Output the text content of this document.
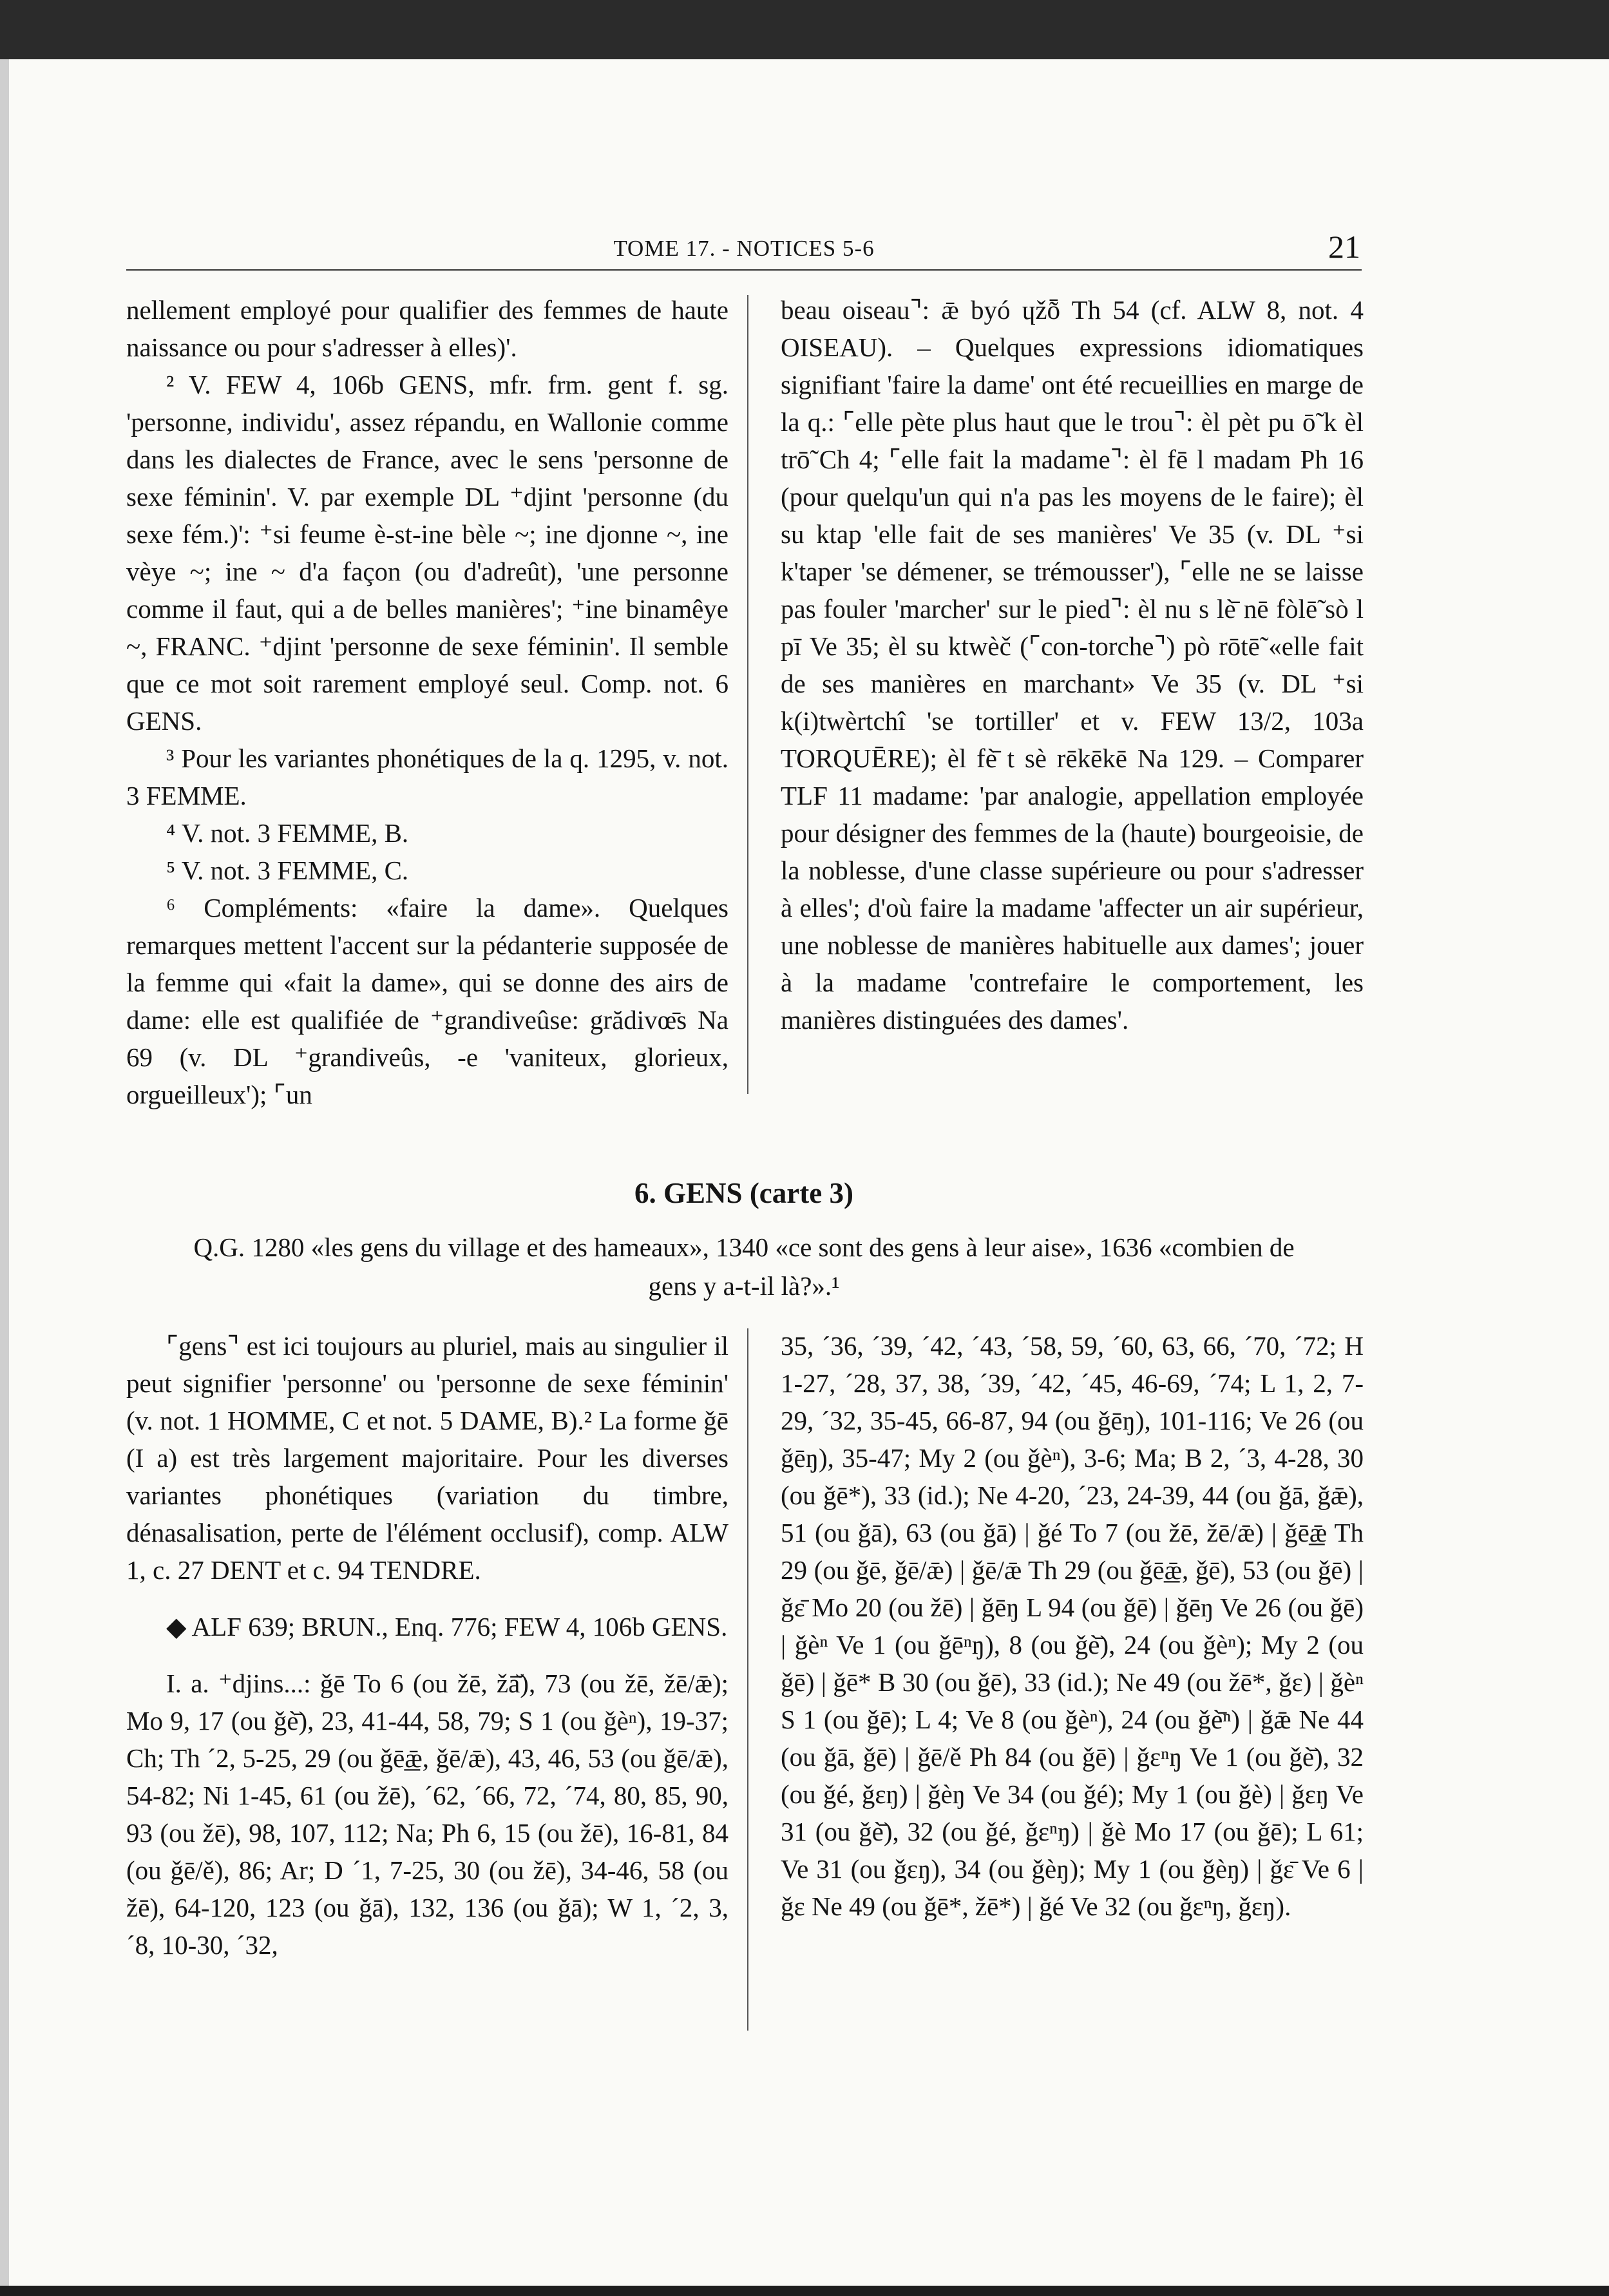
TOME 17. - NOTICES 5-6	21

nellement employé pour qualifier des femmes de haute naissance ou pour s'adresser à elles)'.

² V. FEW 4, 106b GENS, mfr. frm. gent f. sg. 'personne, individu', assez répandu, en Wallonie comme dans les dialectes de France, avec le sens 'personne de sexe féminin'. V. par exemple DL ⁺djint 'personne (du sexe fém.)': ⁺si feume è-st-ine bèle ~; ine djonne ~, ine vèye ~; ine ~ d'a façon (ou d'adreût), 'une personne comme il faut, qui a de belles manières'; ⁺ine binamêye ~, FRANC. ⁺djint 'personne de sexe féminin'. Il semble que ce mot soit rarement employé seul. Comp. not. 6 GENS.

³ Pour les variantes phonétiques de la q. 1295, v. not. 3 FEMME.

⁴ V. not. 3 FEMME, B.

⁵ V. not. 3 FEMME, C.

⁶ Compléments: «faire la dame». Quelques remarques mettent l'accent sur la pédanterie supposée de la femme qui «fait la dame», qui se donne des airs de dame: elle est qualifiée de ⁺grandiveûse: grădivœ̄s Na 69 (v. DL ⁺grandiveûs, -e 'vaniteux, glorieux, orgueilleux'); ⌜un

beau oiseau⌝: ǣ byó ɥžȭ Th 54 (cf. ALW 8, not. 4 OISEAU). – Quelques expressions idiomatiques signifiant 'faire la dame' ont été recueillies en marge de la q.: ⌜elle pète plus haut que le trou⌝: èl pèt pu ō̃ k èl trō̃ Ch 4; ⌜elle fait la madame⌝: èl fē l madam Ph 16 (pour quelqu'un qui n'a pas les moyens de le faire); èl su ktap 'elle fait de ses manières' Ve 35 (v. DL ⁺si k'taper 'se démener, se trémousser'), ⌜elle ne se laisse pas fouler 'marcher' sur le pied⌝: èl nu s lè̄ nē fòlē̃ sò l pī Ve 35; èl su ktwèč (⌜con-torche⌝) pò rōtē̃ «elle fait de ses manières en marchant» Ve 35 (v. DL ⁺si k(i)twèrtchî 'se tortiller' et v. FEW 13/2, 103a TORQUĒRE); èl fè̄ t sè rēkēkē Na 129. – Comparer TLF 11 madame: 'par analogie, appellation employée pour désigner des femmes de la (haute) bourgeoisie, de la noblesse, d'une classe supérieure ou pour s'adresser à elles'; d'où faire la madame 'affecter un air supérieur, une noblesse de manières habituelle aux dames'; jouer à la madame 'contrefaire le comportement, les manières distinguées des dames'.

6. GENS (carte 3)
Q.G. 1280 «les gens du village et des hameaux», 1340 «ce sont des gens à leur aise», 1636 «combien de gens y a-t-il là?».¹

⌜gens⌝ est ici toujours au pluriel, mais au singulier il peut signifier 'personne' ou 'personne de sexe féminin' (v. not. 1 HOMME, C et not. 5 DAME, B).² La forme ǧē (I a) est très largement majoritaire. Pour les diverses variantes phonétiques (variation du timbre, dénasalisation, perte de l'élément occlusif), comp. ALW 1, c. 27 DENT et c. 94 TENDRE.

◆ ALF 639; BRUN., Enq. 776; FEW 4, 106b GENS.

I. a. ⁺djins...: ǧē To 6 (ou žē, žā̆), 73 (ou žē, žē/ǣ); Mo 9, 17 (ou ǧè̄), 23, 41-44, 58, 79; S 1 (ou ǧèⁿ), 19-37; Ch; Th ´2, 5-25, 29 (ou ǧē͟ǣ, ǧē/ǣ), 43, 46, 53 (ou ǧē/ǣ), 54-82; Ni 1-45, 61 (ou žē), ´62, ´66, 72, ´74, 80, 85, 90, 93 (ou žē), 98, 107, 112; Na; Ph 6, 15 (ou žē), 16-81, 84 (ou ǧē/ě), 86; Ar; D ´1, 7-25, 30 (ou žē), 34-46, 58 (ou žē), 64-120, 123 (ou ǧā), 132, 136 (ou ǧā); W 1, ´2, 3, ´8, 10-30, ´32,

35, ´36, ´39, ´42, ´43, ´58, 59, ´60, 63, 66, ´70, ´72; H 1-27, ´28, 37, 38, ´39, ´42, ´45, 46-69, ´74; L 1, 2, 7-29, ´32, 35-45, 66-87, 94 (ou ǧēŋ), 101-116; Ve 26 (ou ǧēŋ), 35-47; My 2 (ou ǧèⁿ), 3-6; Ma; B 2, ´3, 4-28, 30 (ou ǧē*), 33 (id.); Ne 4-20, ´23, 24-39, 44 (ou ǧā, ǧǣ), 51 (ou ǧā), 63 (ou ǧā) | ǧé To 7 (ou žē, žē/ǣ) | ǧē͟ǣ Th 29 (ou ǧē, ǧē/ǣ) | ǧē/ǣ Th 29 (ou ǧē͟ǣ, ǧē), 53 (ou ǧē) | ǧɛ̄ Mo 20 (ou žē) | ǧēŋ L 94 (ou ǧē) | ǧēŋ Ve 26 (ou ǧē) | ǧèⁿ Ve 1 (ou ǧēⁿŋ), 8 (ou ǧè̄), 24 (ou ǧèⁿ); My 2 (ou ǧē) | ǧē* B 30 (ou ǧē), 33 (id.); Ne 49 (ou žē*, ǧɛ) | ǧèⁿ S 1 (ou ǧē); L 4; Ve 8 (ou ǧèⁿ), 24 (ou ǧè̄ⁿ) | ǧǣ Ne 44 (ou ǧā, ǧē) | ǧē/ě Ph 84 (ou ǧē) | ǧɛⁿŋ Ve 1 (ou ǧè̄), 32 (ou ǧé, ǧɛŋ) | ǧèŋ Ve 34 (ou ǧé); My 1 (ou ǧè) | ǧɛŋ Ve 31 (ou ǧè̄), 32 (ou ǧé, ǧɛⁿŋ) | ǧè Mo 17 (ou ǧē); L 61; Ve 31 (ou ǧɛŋ), 34 (ou ǧèŋ); My 1 (ou ǧèŋ) | ǧɛ̄ Ve 6 | ǧɛ Ne 49 (ou ǧē*, žē*) | ǧé Ve 32 (ou ǧɛⁿŋ, ǧɛŋ).
